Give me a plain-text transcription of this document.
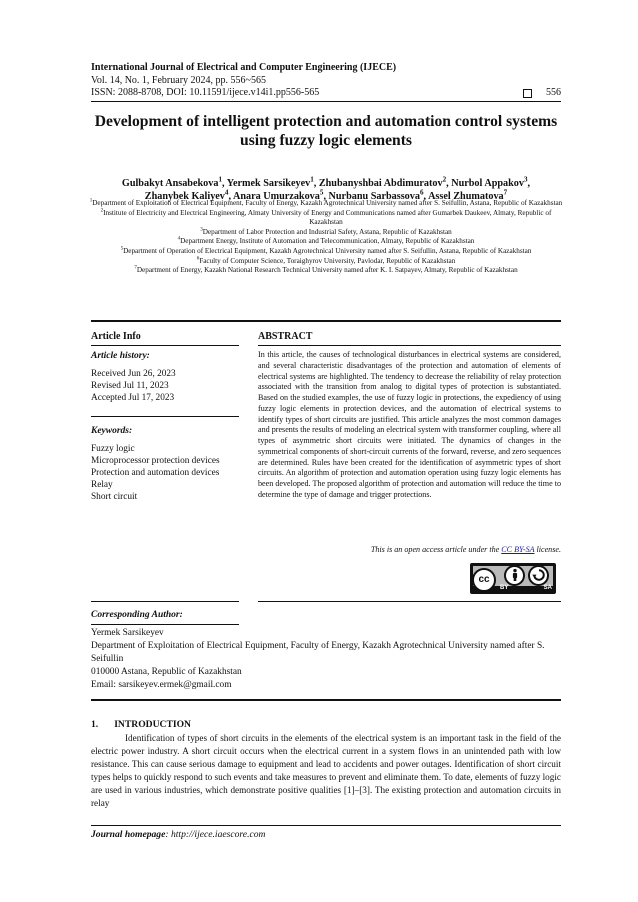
International Journal of Electrical and Computer Engineering (IJECE)
Vol. 14, No. 1, February 2024, pp. 556~565
ISSN: 2088-8708, DOI: 10.11591/ijece.v14i1.pp556-565	556
Development of intelligent protection and automation control systems using fuzzy logic elements
Gulbakyt Ansabekova$^1$, Yermek Sarsikeyev$^1$, Zhubanyshbai Abdimuratov$^2$, Nurbol Appakov$^3$,
Zhanybek Kaliyev$^4$, Anara Umurzakova$^5$, Nurbanu Sarbassova$^6$, Assel Zhumatova$^7$
$^1$Department of Exploitation of Electrical Equipment, Faculty of Energy, Kazakh Agrotechnical University named after S. Seifullin, Astana, Republic of Kazakhstan
$^2$Institute of Electricity and Electrical Engineering, Almaty University of Energy and Communications named after Gumarbek Daukeev, Almaty, Republic of Kazakhstan
$^3$Department of Labor Protection and Industrial Safety, Astana, Republic of Kazakhstan
$^4$Department Energy, Institute of Automation and Telecommunication, Almaty, Republic of Kazakhstan
$^5$Department of Operation of Electrical Equipment, Kazakh Agrotechnical University named after S. Seifullin, Astana, Republic of Kazakhstan
$^6$Faculty of Computer Science, Toraighyrov University, Pavlodar, Republic of Kazakhstan
$^7$Department of Energy, Kazakh National Research Technical University named after K. I. Satpayev, Almaty, Republic of Kazakhstan
Article Info	ABSTRACT
Article history:
Received Jun 26, 2023
Revised Jul 11, 2023
Accepted Jul 17, 2023
Keywords:
Fuzzy logic
Microprocessor protection devices
Protection and automation devices
Relay
Short circuit
In this article, the causes of technological disturbances in electrical systems are considered, and several characteristic disadvantages of the protection and automation of elements of electrical systems are highlighted. The tendency to decrease the reliability of relay protection associated with the transition from analog to digital types of protection is substantiated. Based on the studied examples, the use of fuzzy logic in protections, the expediency of using fuzzy logic elements in protection devices, and the automation of electrical systems to identify types of short circuits are justified. This article analyzes the most common damages and presents the results of modeling an electrical system with transformer coupling, where all types of asymmetric short circuits were initiated. The dynamics of changes in the symmetrical components of short-circuit currents of the forward, reverse, and zero sequences are determined. Rules have been created for the identification of asymmetric types of short circuits. An algorithm of protection and automation operation using fuzzy logic elements has been developed. The proposed algorithm of protection and automation will reduce the time to determine the type of damage and trigger protections.
This is an open access article under the CC BY-SA license.
cc
BY	SA
Corresponding Author:
Yermek Sarsikeyev
Department of Exploitation of Electrical Equipment, Faculty of Energy, Kazakh Agrotechnical University named after S. Seifullin
010000 Astana, Republic of Kazakhstan
Email: sarsikeyev.ermek@gmail.com
1. INTRODUCTION
Identification of types of short circuits in the elements of the electrical system is an important task in the field of the electric power industry. A short circuit occurs when the electrical current in a system flows in an unintended path with low resistance. This can cause serious damage to equipment and lead to accidents and power outages. Identification of short circuit types helps to quickly respond to such events and take measures to prevent and eliminate them. To date, elements of fuzzy logic are used in various industries, which demonstrate positive qualities [1]–[3]. The existing protection and automation circuits in relay
Journal homepage: http://ijece.iaescore.com
